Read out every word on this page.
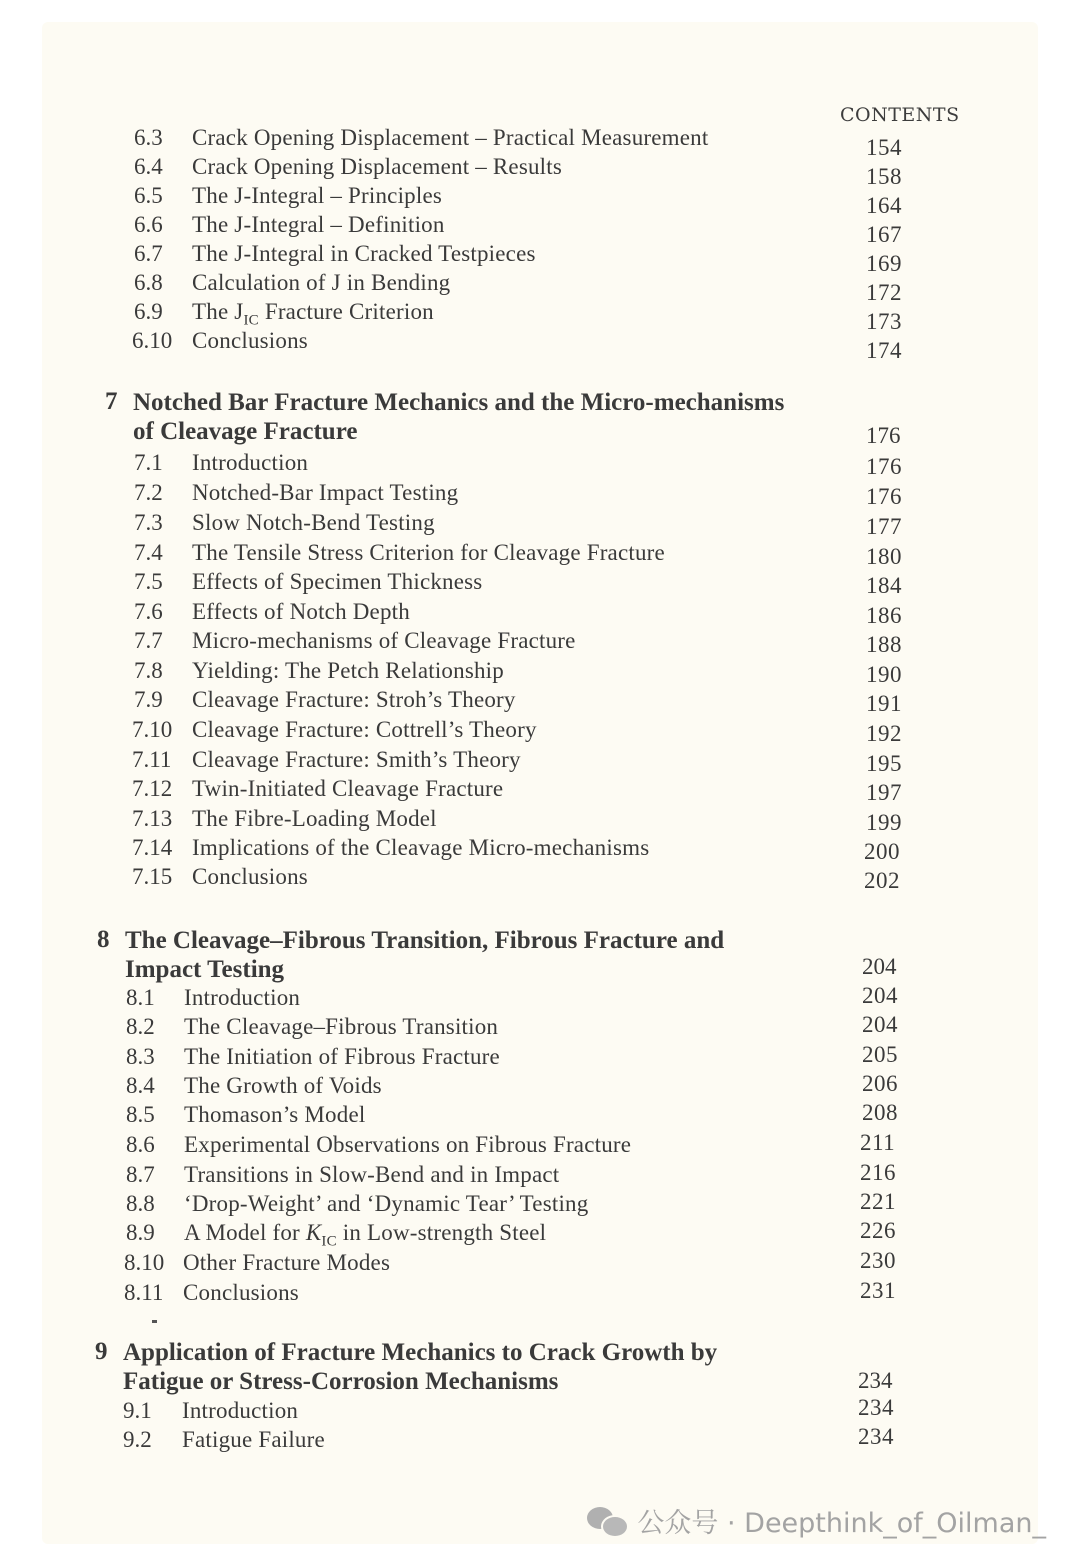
CONTENTS
6.3 Crack Opening Displacement – Practical Measurement	154
6.4 Crack Opening Displacement – Results	158
6.5 The J-Integral – Principles	164
6.6 The J-Integral – Definition	167
6.7 The J-Integral in Cracked Testpieces	169
6.8 Calculation of J in Bending	172
6.9 The $J_{IC}$ Fracture Criterion	173
6.10 Conclusions	174
7 Notched Bar Fracture Mechanics and the Micro-mechanisms
of Cleavage Fracture	176
7.1 Introduction	176
7.2 Notched-Bar Impact Testing	176
7.3 Slow Notch-Bend Testing	177
7.4 The Tensile Stress Criterion for Cleavage Fracture	180
7.5 Effects of Specimen Thickness	184
7.6 Effects of Notch Depth	186
7.7 Micro-mechanisms of Cleavage Fracture	188
7.8 Yielding: The Petch Relationship	190
7.9 Cleavage Fracture: Stroh’s Theory	191
7.10 Cleavage Fracture: Cottrell’s Theory	192
7.11 Cleavage Fracture: Smith’s Theory	195
7.12 Twin-Initiated Cleavage Fracture	197
7.13 The Fibre-Loading Model	199
7.14 Implications of the Cleavage Micro-mechanisms	200
7.15 Conclusions	202
8 The Cleavage–Fibrous Transition, Fibrous Fracture and
Impact Testing	204
8.1 Introduction	204
8.2 The Cleavage–Fibrous Transition	204
8.3 The Initiation of Fibrous Fracture	205
8.4 The Growth of Voids	206
8.5 Thomason’s Model	208
8.6 Experimental Observations on Fibrous Fracture	211
8.7 Transitions in Slow-Bend and in Impact	216
8.8 ‘Drop-Weight’ and ‘Dynamic Tear’ Testing	221
8.9 A Model for $K_{IC}$ in Low-strength Steel	226
8.10 Other Fracture Modes	230
8.11 Conclusions	231
9 Application of Fracture Mechanics to Crack Growth by
Fatigue or Stress-Corrosion Mechanisms	234
9.1 Introduction	234
9.2 Fatigue Failure	234
公众号 · Deepthink_of_Oilman_
